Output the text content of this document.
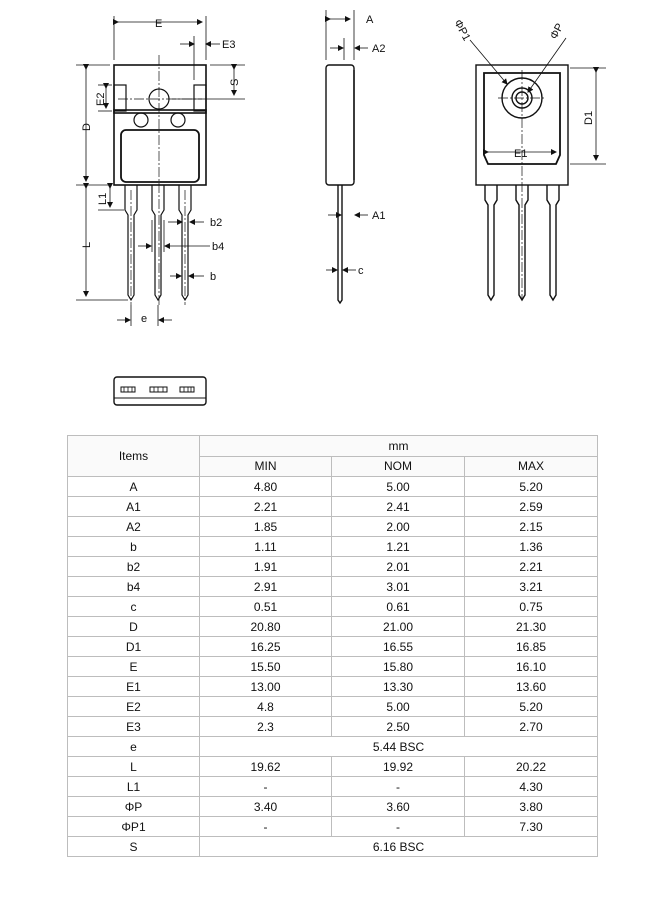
E
E3
S
D
E2
L1
L
b2
b4
b
e
A
A2
A1
c
ΦP1	ΦP
D1
E1
Items	mm		
	MIN	NOM	MAX
A	4.80	5.00	5.20
A1	2.21	2.41	2.59
A2	1.85	2.00	2.15
b	1.11	1.21	1.36
b2	1.91	2.01	2.21
b4	2.91	3.01	3.21
c	0.51	0.61	0.75
D	20.80	21.00	21.30
D1	16.25	16.55	16.85
E	15.50	15.80	16.10
E1	13.00	13.30	13.60
E2	4.8	5.00	5.20
E3	2.3	2.50	2.70
e	5.44 BSC		
L	19.62	19.92	20.22
L1	-	-	4.30
ΦP	3.40	3.60	3.80
ΦP1	-	-	7.30
S	6.16 BSC		
